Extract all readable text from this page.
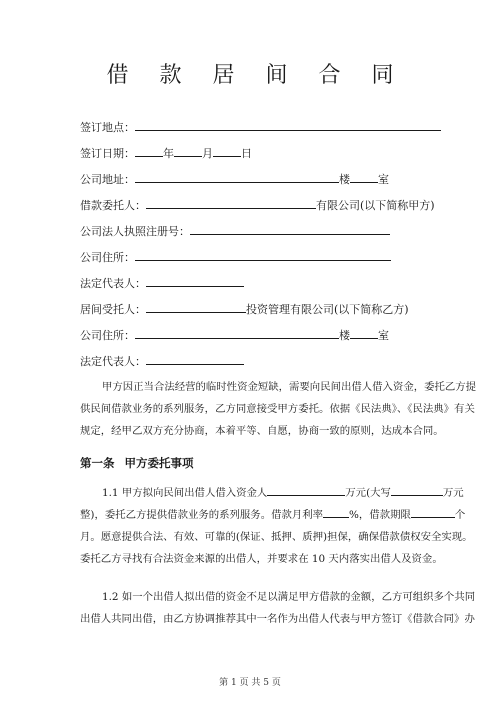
借 款 居 间 合 同
签订地点：
签订日期：	年	月	日
公司地址：	楼	室
借款委托人：	有限公司(以下简称甲方)
公司法人执照注册号：
公司住所：
法定代表人：
居间受托人：	投资管理有限公司(以下简称乙方)
公司住所：	楼	室
法定代表人：
甲方因正当合法经营的临时性资金短缺，需要向民间出借人借入资金，委托乙方提
供民间借款业务的系列服务，乙方同意接受甲方委托。依据《民法典》、《民法典》有关
规定，经甲乙双方充分协商，本着平等、自愿，协商一致的原则，达成本合同。
第一条 甲方委托事项
1.1 甲方拟向民间出借人借入资金人	万元(大写	万元
整)，委托乙方提供借款业务的系列服务。借款月利率	%，借款期限	个
月。愿意提供合法、有效、可靠的(保证、抵押、质押)担保，确保借款债权安全实现。
委托乙方寻找有合法资金来源的出借人，并要求在 10 天内落实出借人及资金。
1.2 如一个出借人拟出借的资金不足以满足甲方借款的金额，乙方可组织多个共同
出借人共同出借，由乙方协调推荐其中一名作为出借人代表与甲方签订《借款合同》办
第 1 页 共 5 页
